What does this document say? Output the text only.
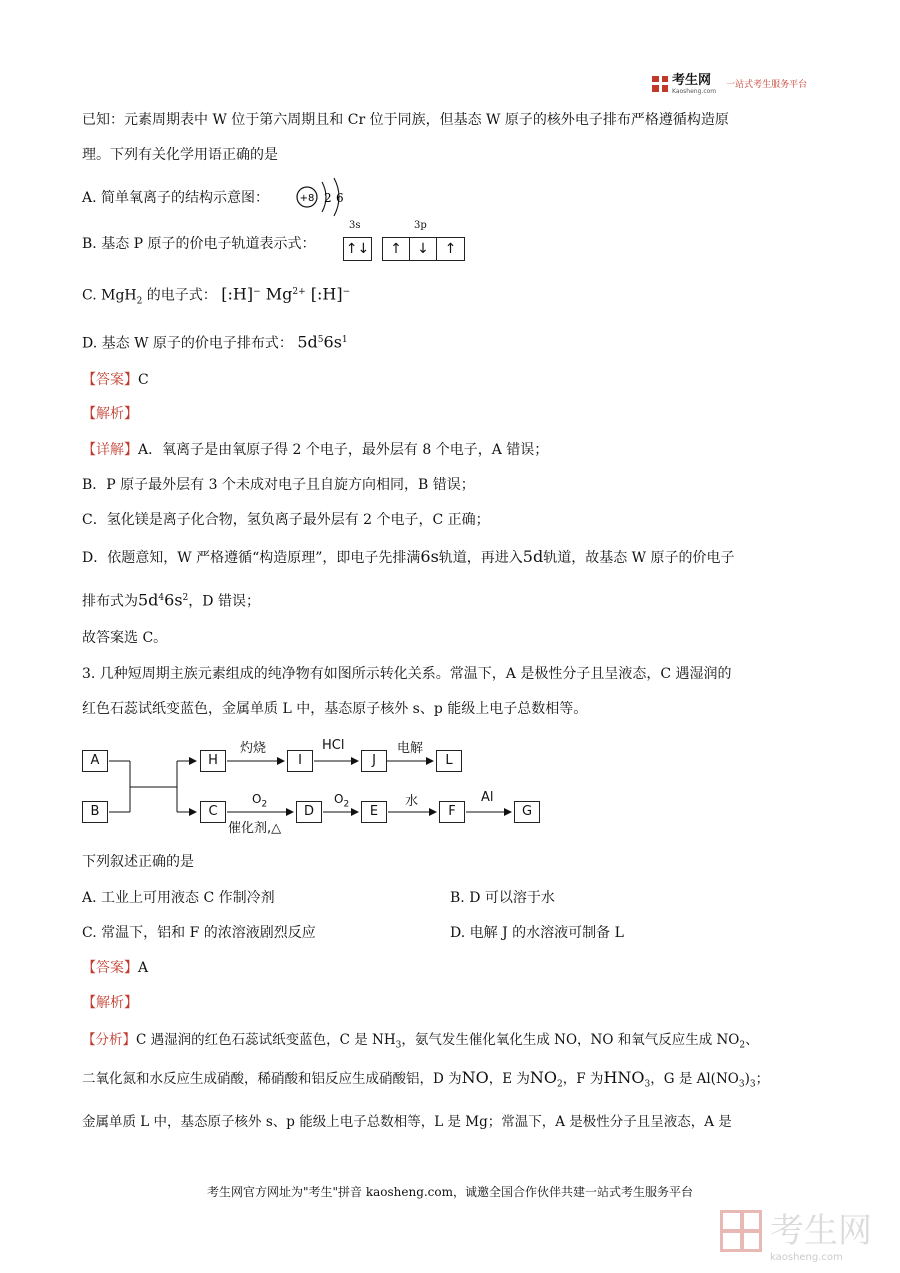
考生网
Kaosheng.com
一站式考生服务平台
已知：元素周期表中 W 位于第六周期且和 Cr 位于同族，但基态 W 原子的核外电子排布严格遵循构造原
理。下列有关化学用语正确的是
A. 简单氧离子的结构示意图：	+8 2 6
B. 基态 P 原子的价电子轨道表示式：
3s	3p
↑↓	↑ ↓ ↑
C. MgH$_2$ 的电子式： [:H]− $Mg^{2+}$ [:H]−
D. 基态 W 原子的价电子排布式： $5d^56s^1$
【答案】C
【解析】
【详解】A．氧离子是由氧原子得 2 个电子，最外层有 8 个电子，A 错误；
B．P 原子最外层有 3 个未成对电子且自旋方向相同，B 错误；
C．氢化镁是离子化合物，氢负离子最外层有 2 个电子，C 正确；
D．依题意知，W 严格遵循“构造原理”，即电子先排满6s轨道，再进入5d轨道，故基态 W 原子的价电子
排布式为$5d^46s^2$，D 错误；
故答案选 C。
3. 几种短周期主族元素组成的纯净物有如图所示转化关系。常温下，A 是极性分子且呈液态，C 遇湿润的
红色石蕊试纸变蓝色，金属单质 L 中，基态原子核外 s、p 能级上电子总数相等。
A
B
H	I	J	L
C	D	E	F	G
灼烧	HCl	电解
$O_2$
催化剂,△
$O_2$	水	Al
下列叙述正确的是
A. 工业上可用液态 C 作制冷剂	B. D 可以溶于水
C. 常温下，铝和 F 的浓溶液剧烈反应	D. 电解 J 的水溶液可制备 L
【答案】A
【解析】
【分析】C 遇湿润的红色石蕊试纸变蓝色，C 是 $NH_3$，氨气发生催化氧化生成 NO，NO 和氧气反应生成 $NO_2$、
二氧化氮和水反应生成硝酸，稀硝酸和铝反应生成硝酸铝，D 为NO，E 为$NO_2$，F 为$HNO_3$，G 是 $Al(NO_3)_3$；
金属单质 L 中，基态原子核外 s、p 能级上电子总数相等，L 是 Mg；常温下，A 是极性分子且呈液态，A 是
考生网官方网址为"考生"拼音 kaosheng.com，诚邀全国合作伙伴共建一站式考生服务平台
考生网
kaosheng.com
